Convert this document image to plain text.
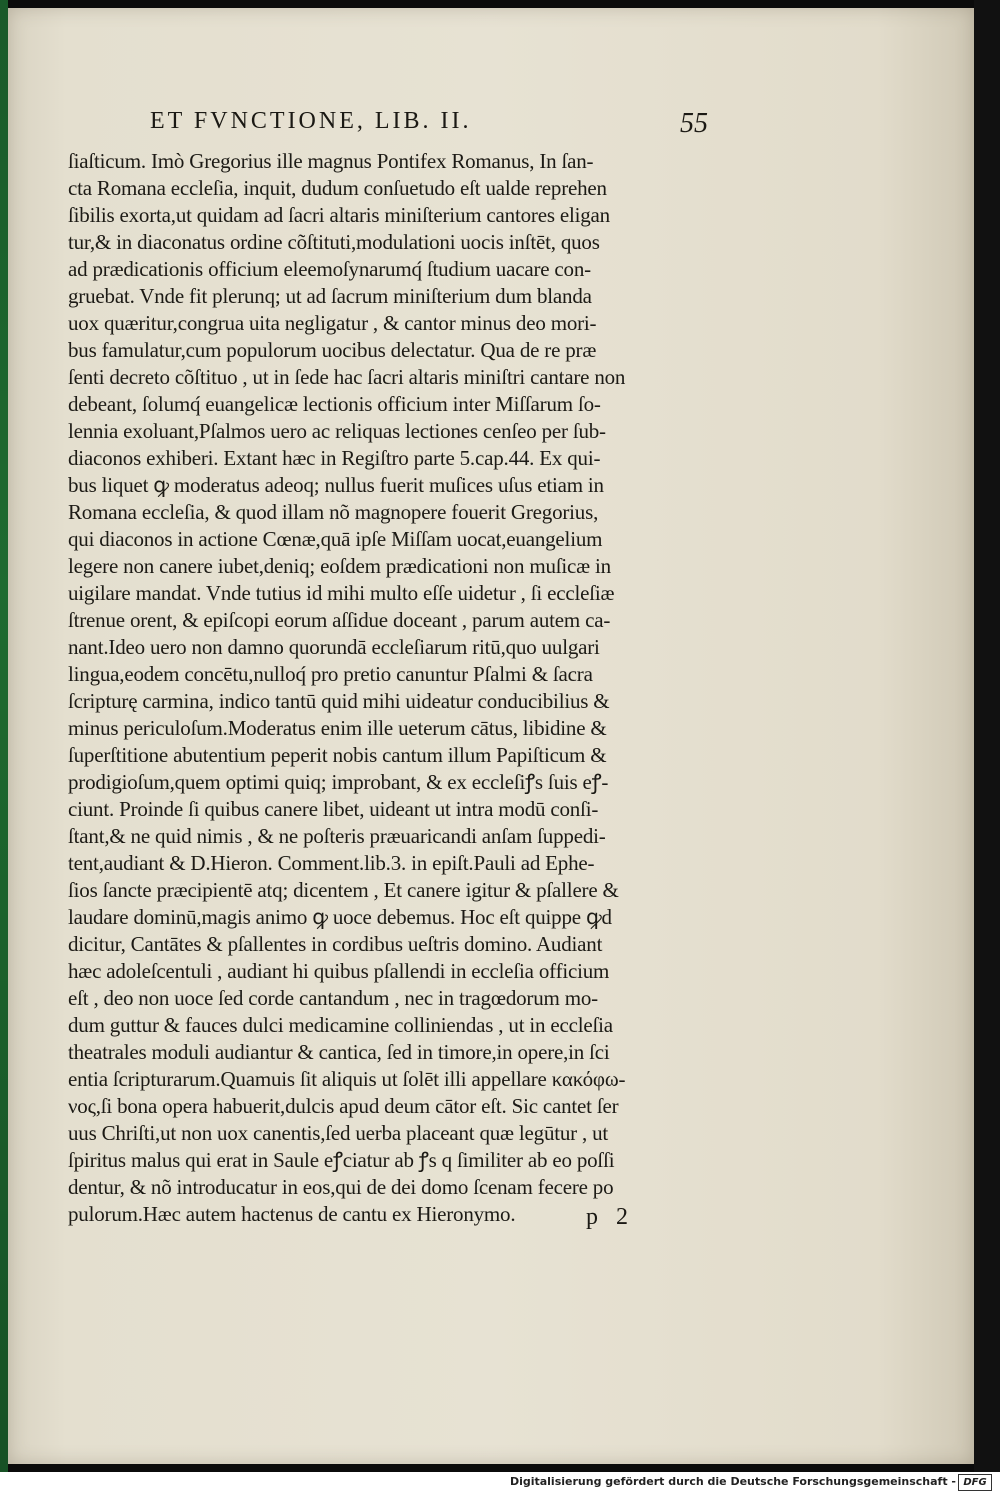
ET FVNCTIONE, LIB. II.	55
ſiaſticum. Imò Gregorius ille magnus Pontifex Romanus, In ſan-
cta Romana eccleſia, inquit, dudum conſuetudo eſt ualde reprehen
ſibilis exorta,ut quidam ad ſacri altaris miniſterium cantores eligan
tur,& in diaconatus ordine cõſtituti,modulationi uocis inſtēt, quos
ad prædicationis officium eleemoſynarumq́ ſtudium uacare con-
gruebat. Vnde fit plerunq; ut ad ſacrum miniſterium dum blanda
uox quæritur,congrua uita negligatur , & cantor minus deo mori-
bus famulatur,cum populorum uocibus delectatur. Qua de re præ
ſenti decreto cõſtituo , ut in ſede hac ſacri altaris miniſtri cantare non
debeant, ſolumq́ euangelicæ lectionis officium inter Miſſarum ſo-
lennia exoluant,Pſalmos uero ac reliquas lectiones cenſeo per ſub-
diaconos exhiberi. Extant hæc in Regiſtro parte 5.cap.44. Ex qui-
bus liquet ꝙ moderatus adeoq; nullus fuerit muſices uſus etiam in
Romana eccleſia, & quod illam nõ magnopere fouerit Gregorius,
qui diaconos in actione Cœnæ,quā ipſe Miſſam uocat,euangelium
legere non canere iubet,deniq; eoſdem prædicationi non muſicæ in
uigilare mandat. Vnde tutius id mihi multo eſſe uidetur , ſi eccleſiæ
ſtrenue orent, & epiſcopi eorum aſſidue doceant , parum autem ca-
nant.Ideo uero non damno quorundā eccleſiarum ritū,quo uulgari
lingua,eodem concētu,nulloq́ pro pretio canuntur Pſalmi & ſacra
ſcripturę carmina, indico tantū quid mihi uideatur conducibilius &
minus periculoſum.Moderatus enim ille ueterum cātus, libidine &
ſuperſtitione abutentium peperit nobis cantum illum Papiſticum &
prodigioſum,quem optimi quiq; improbant, & ex eccleſiꝭs ſuis eꝭ-
ciunt. Proinde ſi quibus canere libet, uideant ut intra modū conſi-
ſtant,& ne quid nimis , & ne poſteris præuaricandi anſam ſuppedi-
tent,audiant & D.Hieron. Comment.lib.3. in epiſt.Pauli ad Ephe-
ſios ſancte præcipientē atq; dicentem , Et canere igitur & pſallere &
laudare dominū,magis animo ꝙ uoce debemus. Hoc eſt quippe ꝙd
dicitur, Cantātes & pſallentes in cordibus ueſtris domino. Audiant
hæc adoleſcentuli , audiant hi quibus pſallendi in eccleſia officium
eſt , deo non uoce ſed corde cantandum , nec in tragœdorum mo-
dum guttur & fauces dulci medicamine colliniendas , ut in eccleſia
theatrales moduli audiantur & cantica, ſed in timore,in opere,in ſci
entia ſcripturarum.Quamuis ſit aliquis ut ſolēt illi appellare κακόφω-
νος,ſi bona opera habuerit,dulcis apud deum cātor eſt. Sic cantet ſer
uus Chriſti,ut non uox canentis,ſed uerba placeant quæ legūtur , ut
ſpiritus malus qui erat in Saule eꝭciatur ab ꝭs q ſimiliter ab eo poſſi
dentur, & nõ introducatur in eos,qui de dei domo ſcenam fecere po
pulorum.Hæc autem hactenus de cantu ex Hieronymo.	p 2
Digitalisierung gefördert durch die Deutsche Forschungsgemeinschaft - DFG
